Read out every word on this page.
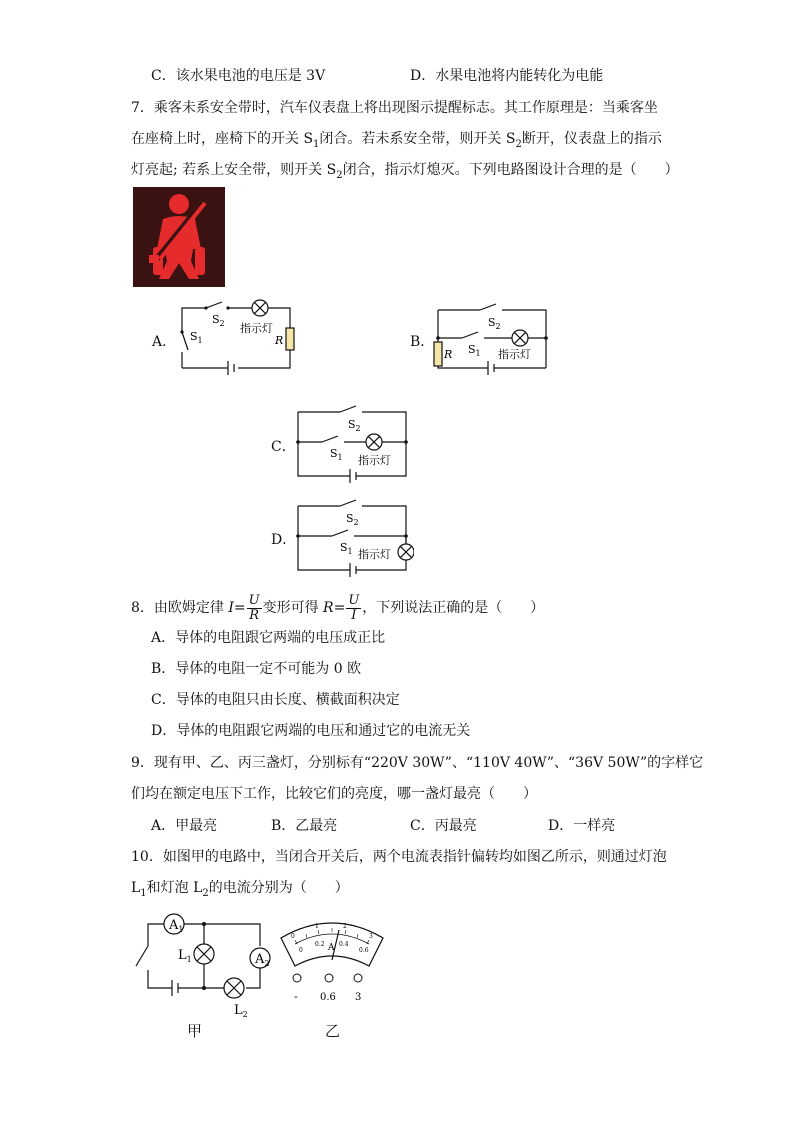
C．该水果电池的电压是 3V	D．水果电池将内能转化为电能
7．乘客未系安全带时，汽车仪表盘上将出现图示提醒标志。其工作原理是：当乘客坐
在座椅上时，座椅下的开关 $S_1$闭合。若未系安全带，则开关 $S_2$断开，仪表盘上的指示
灯亮起; 若系上安全带，则开关 $S_2$闭合，指示灯熄灭。下列电路图设计合理的是（　　）
A． $S_1$
$S_2$ 指示灯
R	B．
$S_2$
$S_1$
R	指示灯
C．
$S_2$
$S_1$ 指示灯
D．
$S_2$
$S_1$ 指示灯
8．由欧姆定律 $I= \frac{U}{R}$ 变形可得 $R= \frac{U}{I}$ ，下列说法正确的是（　　）
A．导体的电阻跟它两端的电压成正比
B．导体的电阻一定不可能为 0 欧
C．导体的电阻只由长度、横截面积决定
D．导体的电阻跟它两端的电压和通过它的电流无关
9．现有甲、乙、丙三盏灯，分别标有“220V 30W”、“110V 40W”、“36V 50W”的字样它
们均在额定电压下工作，比较它们的亮度，哪一盏灯最亮（　　）
A．甲最亮	B．乙最亮	C．丙最亮	D．一样亮
10．如图甲的电路中，当闭合开关后，两个电流表指针偏转均如图乙所示，则通过灯泡
$L_1$和灯泡 $L_2$的电流分别为（　　）
$A_1$
$A_2$
$L_1$
$L_2$
甲
0
1	2
3
0
0.2 0.4
0.6
A
- 0.6 3
乙
